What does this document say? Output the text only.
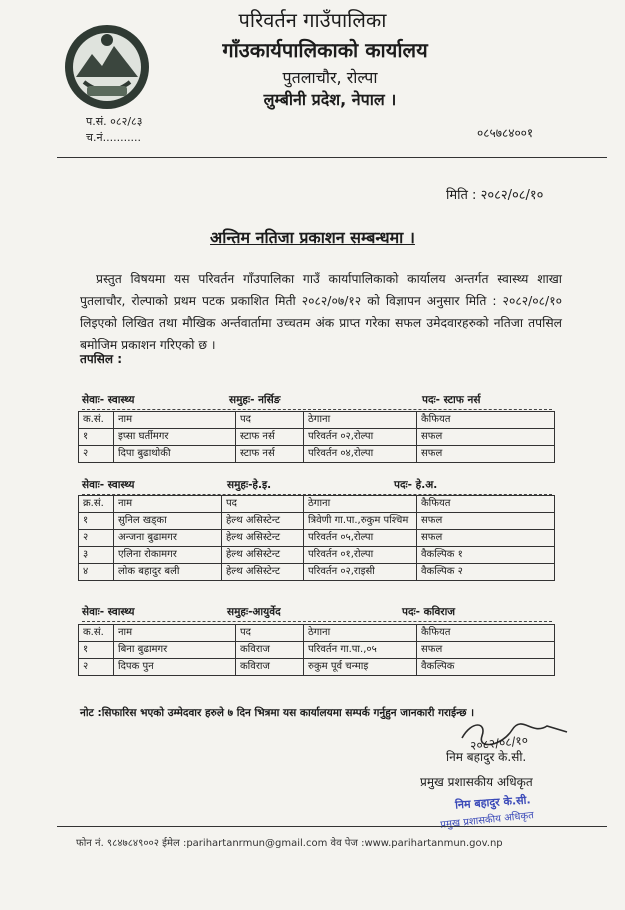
परिवर्तन गाउँपालिका
गाँउकार्यपालिकाको कार्यालय
पुतलाचौर, रोल्पा
लुम्बीनी प्रदेश, नेपाल ।
प.सं. ०८२/८३
च.नं...........	०८५७८४००१
मिति : २०८२/०८/१०
अन्तिम नतिजा प्रकाशन सम्बन्धमा ।
प्रस्तुत विषयमा यस परिवर्तन गाँउपालिका गाउँ कार्यापालिकाको कार्यालय अन्तर्गत स्वास्थ्य शाखा पुतलाचौर, रोल्पाको प्रथम पटक प्रकाशित मिती २०८२/०७/१२ को विज्ञापन अनुसार मिति : २०८२/०८/१० लिइएको लिखित तथा मौखिक अर्न्तवार्तामा उच्चतम अंक प्राप्त गरेका सफल उमेदवारहरुको नतिजा तपसिल बमोजिम प्रकाशन गरिएको छ ।
तपसिल :
सेवाः- स्वास्थ्य	समुहः- नर्सिङ	पदः- स्टाफ नर्स
क.सं.	नाम	पद	ठेगाना	कैफियत
१	इप्सा घर्तीमगर	स्टाफ नर्स	परिवर्तन ०२,रोल्पा	सफल
२	दिपा बुढाथोकी	स्टाफ नर्स	परिवर्तन ०४,रोल्पा	सफल
सेवाः- स्वास्थ्य	समुहः-हे.इ.	पदः- हे.अ.
क्र.सं.	नाम	पद	ठेगाना	कैफियत
१	सुनिल खड्का	हेल्थ असिस्टेन्ट	त्रिवेणी गा.पा.,रुकुम पश्चिम	सफल
२	अन्जना बुढामगर	हेल्थ असिस्टेन्ट	परिवर्तन ०५,रोल्पा	सफल
३	एलिना रोकामगर	हेल्थ असिस्टेन्ट	परिवर्तन ०१,रोल्पा	वैकल्पिक १
४	लोक बहादुर बली	हेल्थ असिस्टेन्ट	परिवर्तन ०२,राइसी	वैकल्पिक २
सेवाः- स्वास्थ्य	समुहः-आयुर्वेद	पदः- कविराज
क.सं.	नाम	पद	ठेगाना	कैफियत
१	बिना बुढामगर	कविराज	परिवर्तन गा.पा.,०५	सफल
२	दिपक पुन	कविराज	रुकुम पूर्व चन्माइ	वैकल्पिक
नोट :सिफारिस भएको उम्मेदवार हरुले ७ दिन भित्रमा यस कार्यालयमा सम्पर्क गर्नुहुन जानकारी गराईन्छ ।
२०८२/०८/१०
निम बहादुर के.सी.
प्रमुख प्रशासकीय अधिकृत
निम बहादुर के.सी.
प्रमुख प्रशासकीय अधिकृत
फोन नं. ९८४७८४९००२ ईमेल :parihartanrmun@gmail.com वेव पेज :www.parihartanmun.gov.np
